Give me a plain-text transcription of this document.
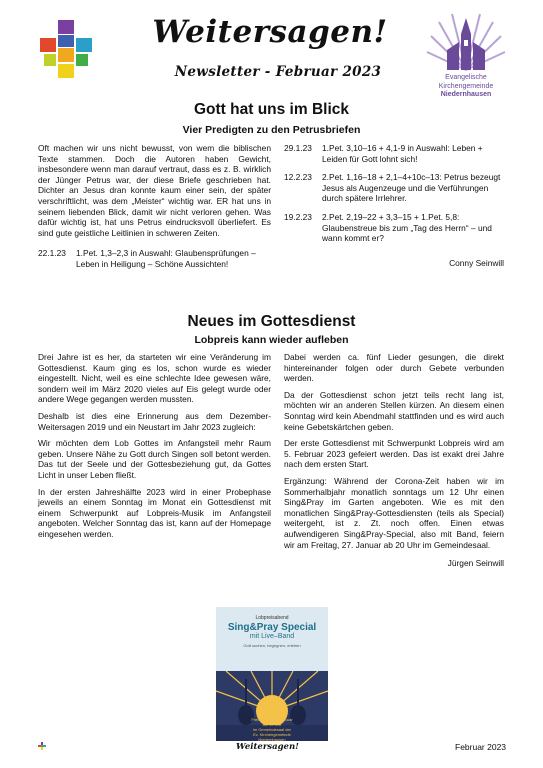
Weitersagen!
Newsletter - Februar 2023	Evangelische
Kirchengemeinde
Niedernhausen
Gott hat uns im Blick
Vier Predigten zu den Petrusbriefen

Oft machen wir uns nicht bewusst, von wem die biblischen Texte stammen. Doch die Autoren haben Gewicht, insbesondere wenn man darauf vertraut, dass es z. B. wirklich der Jünger Petrus war, der diese Briefe geschrieben hat. Dichter an Jesus dran konnte kaum einer sein, der später verschriftlicht, was dem „Meister“ wichtig war. ER hat uns in seinem liebenden Blick, damit wir nicht verloren gehen. Was dafür wichtig ist, hat uns Petrus eindrucksvoll überliefert. Es sind gute geistliche Leitlinien in schweren Zeiten.

22.1.23	1.Pet. 1,3–2,3 in Auswahl: Glaubensprüfungen – Leben in Heiligung – Schöne Aussichten!
29.1.23	1.Pet. 3,10–16 + 4,1-9 in Auswahl: Leben + Leiden für Gott lohnt sich!
12.2.23	2.Pet. 1,16–18 + 2,1–4+10c–13: Petrus bezeugt Jesus als Augenzeuge und die Verführungen durch spätere Irrlehrer.
19.2.23	2.Pet. 2,19–22 + 3,3–15 + 1.Pet. 5,8: Glaubenstreue bis zum „Tag des Herrn“ – und wann kommt er?
Conny Seinwill
Neues im Gottesdienst
Lobpreis kann wieder aufleben

Drei Jahre ist es her, da starteten wir eine Veränderung im Gottesdienst. Kaum ging es los, schon wurde es wieder eingestellt. Nicht, weil es eine schlechte Idee gewesen wäre, sondern weil im März 2020 vieles auf Eis gelegt wurde oder andere Wege gegangen werden mussten.

Deshalb ist dies eine Erinnerung aus dem Dezember-Weitersagen 2019 und ein Neustart im Jahr 2023 zugleich:

Wir möchten dem Lob Gottes im Anfangsteil mehr Raum geben. Unsere Nähe zu Gott durch Singen soll betont werden. Das tut der Seele und der Gottesbeziehung gut, da Gottes Licht in unser Leben fließt.

In der ersten Jahreshälfte 2023 wird in einer Probephase jeweils an einem Sonntag im Monat ein Gottesdienst mit einem Schwerpunkt auf Lobpreis-Musik im Anfangsteil angeboten. Welcher Sonntag das ist, kann auf der Homepage eingesehen werden.

Dabei werden ca. fünf Lieder gesungen, die direkt hintereinander folgen oder durch Gebete verbunden werden.

Da der Gottesdienst schon jetzt teils recht lang ist, möchten wir an anderen Stellen kürzen. An diesem einen Sonntag wird kein Abendmahl stattfinden und es wird auch keine Gebetskärtchen geben.

Der erste Gottesdienst mit Schwerpunkt Lobpreis wird am 5. Februar 2023 gefeiert werden. Das ist exakt drei Jahre nach dem ersten Start.

Ergänzung: Während der Corona-Zeit haben wir im Sommerhalbjahr monatlich sonntags um 12 Uhr einen Sing&Pray im Garten angeboten. Wie es mit den monatlichen Sing&Pray-Gottesdiensten (teils als Special) weitergeht, ist z. Zt. noch offen. Einen etwas aufwendigeren Sing&Pray-Special, also mit Band, feiern wir am Freitag, 27. Januar ab 20 Uhr im Gemeindesaal.

Jürgen Seinwill
Lobpreisabend
Sing&Pray Special
mit Live–Band
Gott suchen, begegnen, erleben
Freitag, den 27. Januar
um 20 Uhr
im Gemeindesaal der
Ev. Kirchengemeinde Niedernhausen
Weitersagen!	Februar 2023
